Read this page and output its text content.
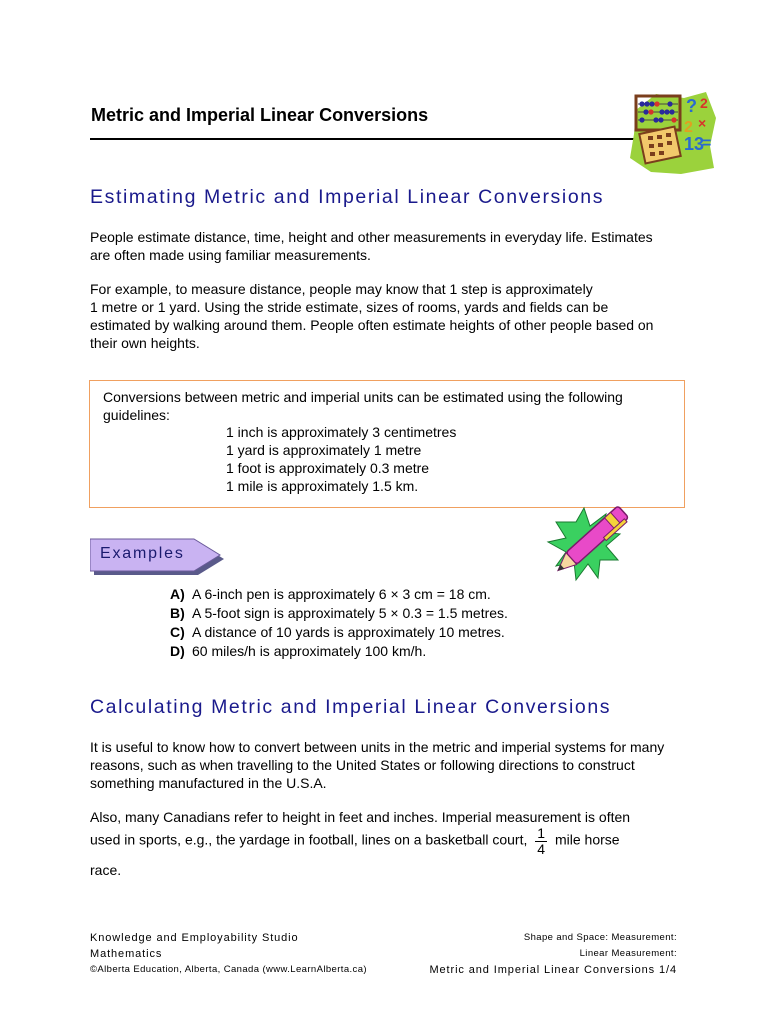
Metric and Imperial Linear Conversions	? 2
2 ×
13
=
Estimating Metric and Imperial Linear Conversions

People estimate distance, time, height and other measurements in everyday life. Estimates are often made using familiar measurements.

For example, to measure distance, people may know that 1 step is approximately

1 metre or 1 yard. Using the stride estimate, sizes of rooms, yards and fields can be estimated by walking around them. People often estimate heights of other people based on their own heights.

Conversions between metric and imperial units can be estimated using the following guidelines:
1 inch is approximately 3 centimetres
1 yard is approximately 1 metre
1 foot is approximately 0.3 metre
1 mile is approximately 1.5 km.
Examples
A) A 6-inch pen is approximately 6 × 3 cm = 18 cm.
B) A 5-foot sign is approximately 5 × 0.3 = 1.5 metres.
C) A distance of 10 yards is approximately 10 metres.
D) 60 miles/h is approximately 100 km/h.
Calculating Metric and Imperial Linear Conversions

It is useful to know how to convert between units in the metric and imperial systems for many reasons, such as when travelling to the United States or following directions to construct something manufactured in the U.S.A.

Also, many Canadians refer to height in feet and inches. Imperial measurement is often

used in sports, e.g., the yardage in football, lines on a basketball court, $\frac{1}{4}$ mile horse

race.

Knowledge and Employability Studio
Mathematics
©Alberta Education, Alberta, Canada (www.LearnAlberta.ca)
Shape and Space: Measurement:
Linear Measurement:
Metric and Imperial Linear Conversions 1/4
